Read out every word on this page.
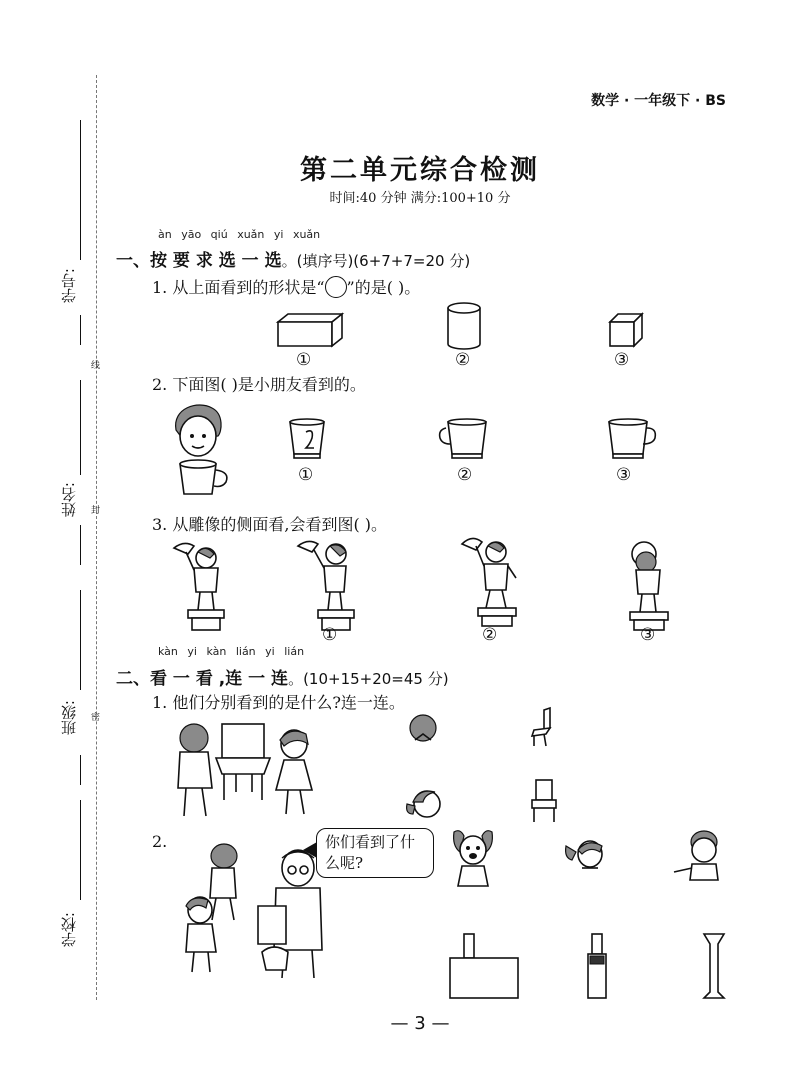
学号:
线
姓名: 封
班级: 密
学校:
数学 · 一年级下 · BS
第二单元综合检测
时间:40 分钟 满分:100+10 分
àn yāo qiú xuǎn yi xuǎn
一、按 要 求 选 一 选。(填序号)(6+7+7=20 分)
1. 从上面看到的形状是“ ”的是( )。
①	②	③
2. 下面图( )是小朋友看到的。
①	②	③
3. 从雕像的侧面看,会看到图( )。
①	②	③
kàn yi kàn lián yi lián
二、看 一 看 ,连 一 连。(10+15+20=45 分)
1. 他们分别看到的是什么?连一连。
2.	你们看到了什么呢?
— 3 —
